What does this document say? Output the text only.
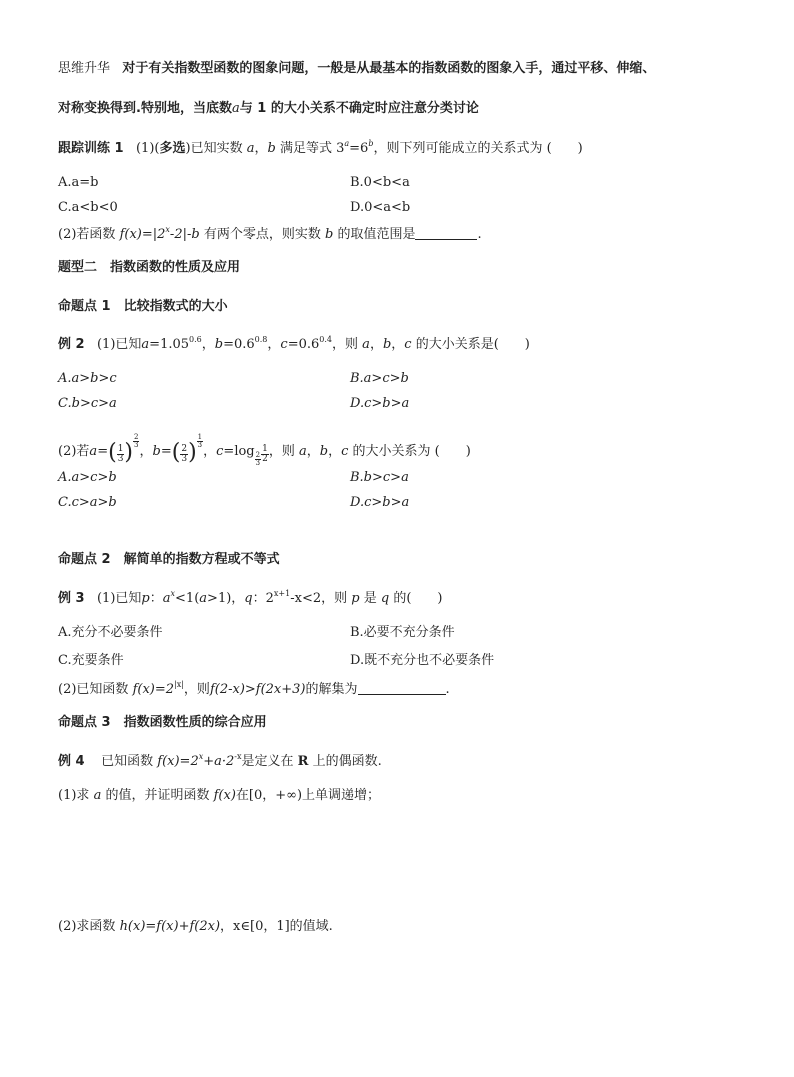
思维升华 对于有关指数型函数的图象问题，一般是从最基本的指数函数的图象入手，通过平移、伸缩、
对称变换得到.特别地，当底数a与 1 的大小关系不确定时应注意分类讨论
跟踪训练 1 (1)(多选)已知实数 a，b 满足等式 $3^a=6^b$，则下列可能成立的关系式为 (　　)
A.a=b	B.0<b<a
C.a<b<0	D.0<a<b
(2)若函数 $f(x)=|2^x-2|-b$ 有两个零点，则实数 b 的取值范围是	.
题型二　指数函数的性质及应用
命题点 1　比较指数式的大小
例 2 (1)已知$a=1.05^{0.6}$，$b=0.6^{0.8}$，$c=0.6^{0.4}$，则 a，b，c 的大小关系是(　　)
A.a>b>c	B.a>c>b
C.b>c>a	D.c>b>a
(2)若$a=( \frac{1}{3}$ ) $\frac{2}{3}$
，$b=( \frac{2}{3}$ ) $\frac{1}{3}$
，c=log
$\frac{2}{3} \frac{1}{2}$ ，则 a，b，c 的大小关系为 (　　)
A.a>c>b	B.b>c>a
C.c>a>b	D.c>b>a
命题点 2　解简单的指数方程或不等式
例 3 (1)已知p：$a^x<1(a>1)$，q：$2^{x+1}-x<2$，则 p 是 q 的(　　)
A.充分不必要条件	B.必要不充分条件
C.充要条件	D.既不充分也不必要条件
(2)已知函数 $f(x)=2^{|x|}$，则f(2-x)>f(2x+3)的解集为	.
命题点 3　指数函数性质的综合应用
例 4 已知函数 $f(x)=2^x+a\cdot 2^{-x}$是定义在 R 上的偶函数.
(1)求 a 的值，并证明函数 f(x)在[0，+∞)上单调递增；
(2)求函数 h(x)=f(x)+f(2x)，x∈[0，1]的值域.
